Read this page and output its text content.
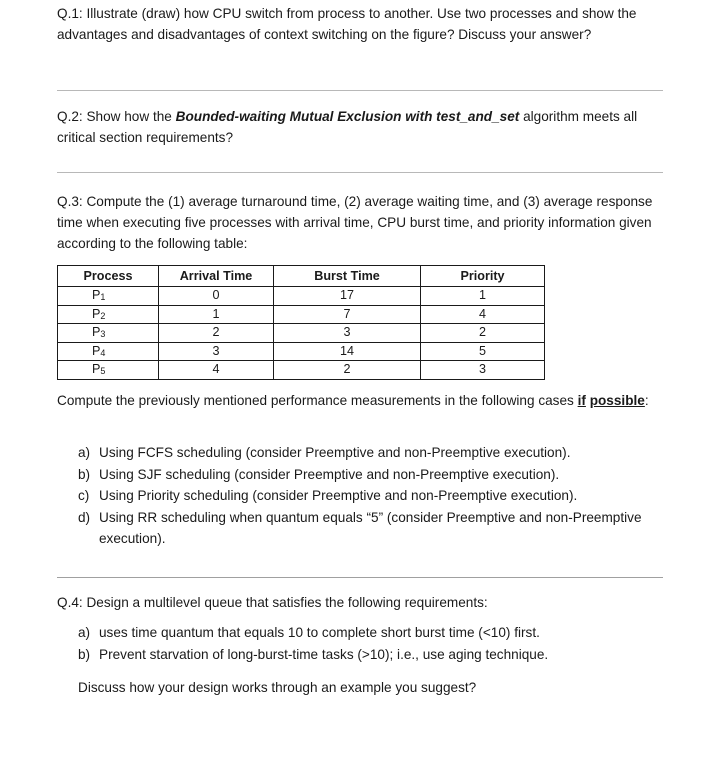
Q.1: Illustrate (draw) how CPU switch from process to another. Use two processes and show the advantages and disadvantages of context switching on the figure? Discuss your answer?
Q.2: Show how the Bounded-waiting Mutual Exclusion with test_and_set algorithm meets all critical section requirements?
Q.3: Compute the (1) average turnaround time, (2) average waiting time, and (3) average response time when executing five processes with arrival time, CPU burst time, and priority information given according to the following table:
Process	Arrival Time	Burst Time	Priority
$P_1$	0	17	1
$P_2$	1	7	4
$P_3$	2	3	2
$P_4$	3	14	5
$P_5$	4	2	3
Compute the previously mentioned performance measurements in the following cases if possible:
a) Using FCFS scheduling (consider Preemptive and non-Preemptive execution).
b) Using SJF scheduling (consider Preemptive and non-Preemptive execution).
c) Using Priority scheduling (consider Preemptive and non-Preemptive execution).
d) Using RR scheduling when quantum equals “5” (consider Preemptive and non-Preemptive execution).
Q.4: Design a multilevel queue that satisfies the following requirements:
a) uses time quantum that equals 10 to complete short burst time (<10) first.
b) Prevent starvation of long-burst-time tasks (>10); i.e., use aging technique.
Discuss how your design works through an example you suggest?
